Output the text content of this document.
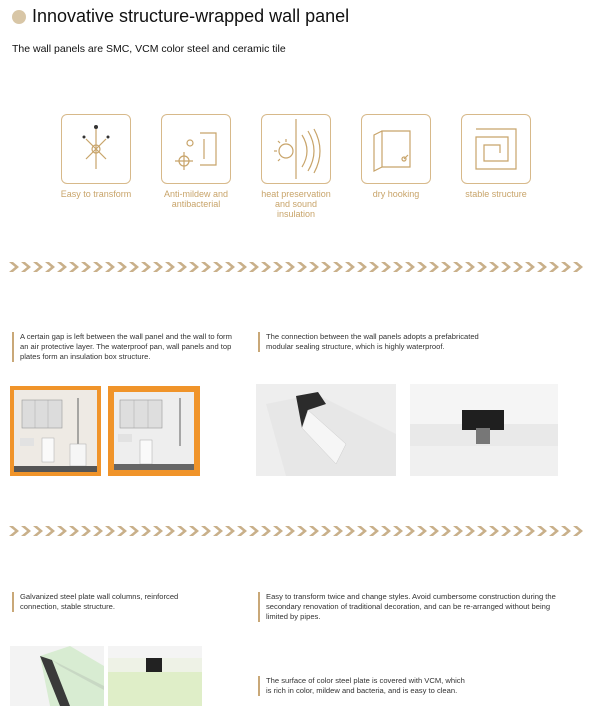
Innovative structure-wrapped wall panel
The wall panels are SMC, VCM color steel and ceramic tile
Easy to transform	Anti-mildew and antibacterial
heat preservation and sound insulation
dry hooking	stable structure
A certain gap is left between the wall panel and the wall to form an air protective layer. The waterproof pan, wall panels and top plates form an insulation box structure.
The connection between the wall panels adopts a prefabricated modular sealing structure, which is highly waterproof.
Galvanized steel plate wall columns, reinforced connection, stable structure.
Easy to transform twice and change styles. Avoid cumbersome construction during the secondary renovation of traditional decoration, and can be re-arranged without being limited by pipes.
The surface of color steel plate is covered with VCM, which is rich in color, mildew and bacteria, and is easy to clean.
